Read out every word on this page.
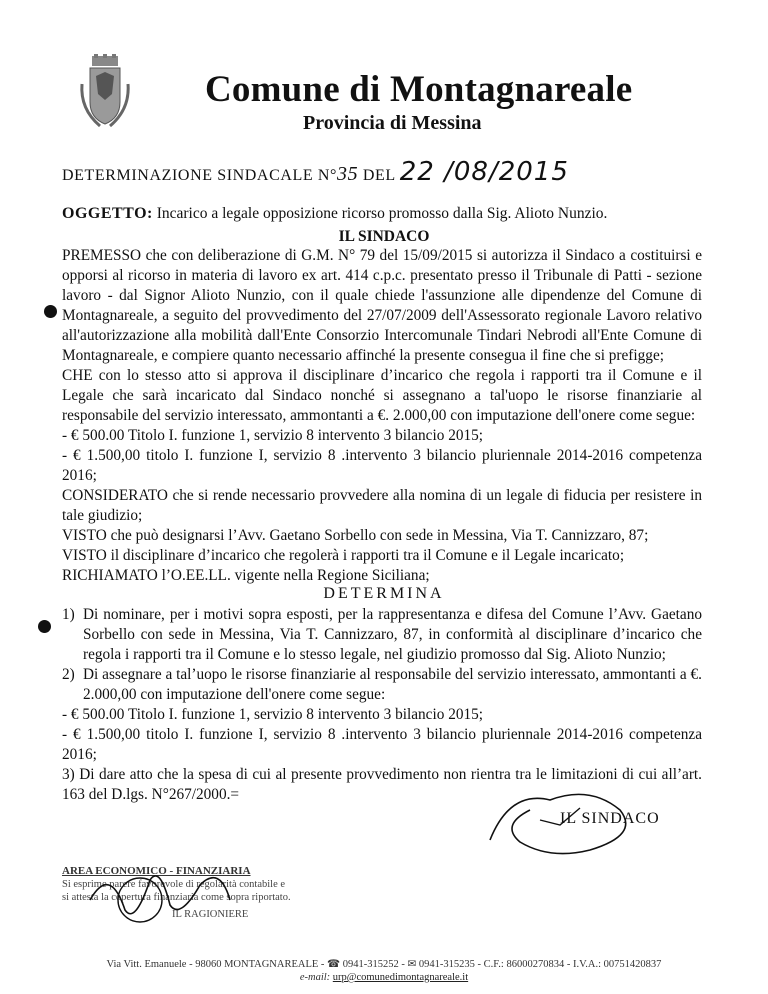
Comune di Montagnareale
Provincia di Messina
DETERMINAZIONE SINDACALE N°35 DEL 22 /08/2015
OGGETTO: Incarico a legale opposizione ricorso promosso dalla Sig. Alioto Nunzio.
IL SINDACO

PREMESSO che con deliberazione di G.M. N° 79 del 15/09/2015 si autorizza il Sindaco a costituirsi e opporsi al ricorso in materia di lavoro ex art. 414 c.p.c. presentato presso il Tribunale di Patti - sezione lavoro - dal Signor Alioto Nunzio, con il quale chiede l'assunzione alle dipendenze del Comune di Montagnareale, a seguito del provvedimento del 27/07/2009 dell'Assessorato regionale Lavoro relativo all'autorizzazione alla mobilità dall'Ente Consorzio Intercomunale Tindari Nebrodi all'Ente Comune di Montagnareale, e compiere quanto necessario affinché la presente consegua il fine che si prefigge;

CHE con lo stesso atto si approva il disciplinare d’incarico che regola i rapporti tra il Comune e il Legale che sarà incaricato dal Sindaco nonché si assegnano a tal'uopo le risorse finanziarie al responsabile del servizio interessato, ammontanti a €. 2.000,00 con imputazione dell'onere come segue:

- € 500.00 Titolo I. funzione 1, servizio 8 intervento 3 bilancio 2015;

- € 1.500,00 titolo I. funzione I, servizio 8 .intervento 3 bilancio pluriennale 2014-2016 competenza 2016;

CONSIDERATO che si rende necessario provvedere alla nomina di un legale di fiducia per resistere in tale giudizio;

VISTO che può designarsi l’Avv. Gaetano Sorbello con sede in Messina, Via T. Cannizzaro, 87;

VISTO il disciplinare d’incarico che regolerà i rapporti tra il Comune e il Legale incaricato;

RICHIAMATO l’O.EE.LL. vigente nella Regione Siciliana;

DETERMINA
1) Di nominare, per i motivi sopra esposti, per la rappresentanza e difesa del Comune l’Avv. Gaetano Sorbello con sede in Messina, Via T. Cannizzaro, 87, in conformità al disciplinare d’incarico che regola i rapporti tra il Comune e lo stesso legale, nel giudizio promosso dal Sig. Alioto Nunzio;
2) Di assegnare a tal’uopo le risorse finanziarie al responsabile del servizio interessato, ammontanti a €. 2.000,00 con imputazione dell'onere come segue:

- € 500.00 Titolo I. funzione 1, servizio 8 intervento 3 bilancio 2015;

- € 1.500,00 titolo I. funzione I, servizio 8 .intervento 3 bilancio pluriennale 2014-2016 competenza 2016;

3) Di dare atto che la spesa di cui al presente provvedimento non rientra tra le limitazioni di cui all’art. 163 del D.lgs. N°267/2000.=

IL SINDACO
AREA ECONOMICO - FINANZIARIA
Si esprime parere favorevole di regolarità contabile e si attesta la copertura finanziaria come sopra riportato.
IL RAGIONIERE
Via Vitt. Emanuele - 98060 MONTAGNAREALE - ☎ 0941-315252 - ✉ 0941-315235 - C.F.: 86000270834 - I.V.A.: 00751420837
e-mail: urp@comunedimontagnareale.it
